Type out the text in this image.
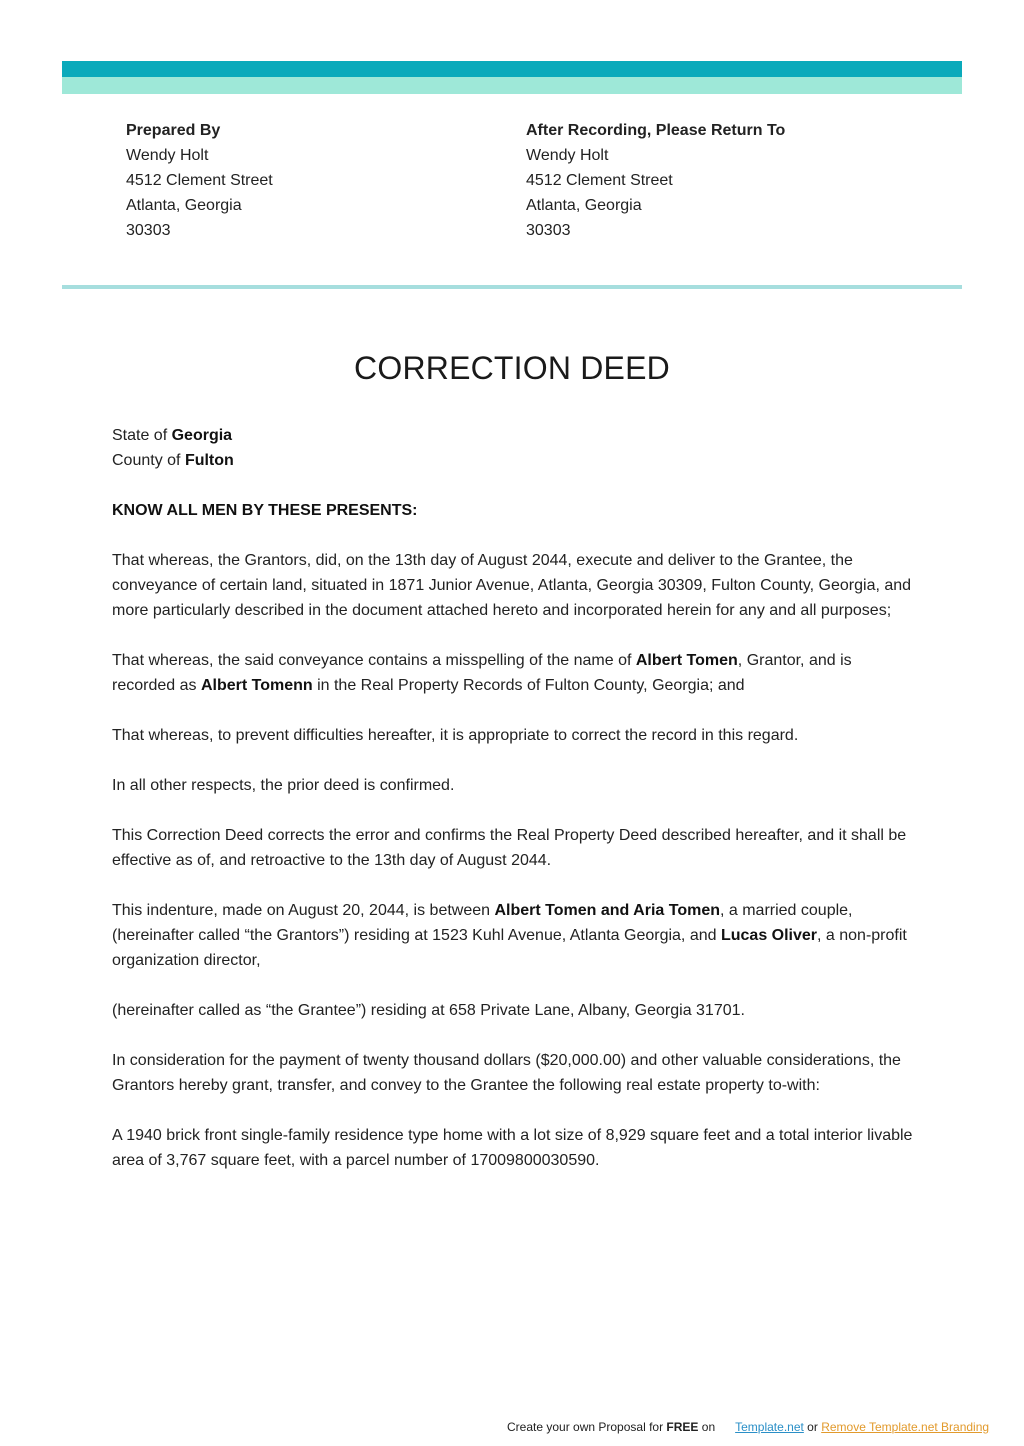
Prepared By
Wendy Holt
4512 Clement Street
Atlanta, Georgia
30303
After Recording, Please Return To
Wendy Holt
4512 Clement Street
Atlanta, Georgia
30303
CORRECTION DEED

State of Georgia
County of Fulton

KNOW ALL MEN BY THESE PRESENTS:

That whereas, the Grantors, did, on the 13th day of August 2044, execute and deliver to the Grantee, the conveyance of certain land, situated in 1871 Junior Avenue, Atlanta, Georgia 30309, Fulton County, Georgia, and more particularly described in the document attached hereto and incorporated herein for any and all purposes;

That whereas, the said conveyance contains a misspelling of the name of Albert Tomen, Grantor, and is recorded as Albert Tomenn in the Real Property Records of Fulton County, Georgia; and

That whereas, to prevent difficulties hereafter, it is appropriate to correct the record in this regard.

In all other respects, the prior deed is confirmed.

This Correction Deed corrects the error and confirms the Real Property Deed described hereafter, and it shall be effective as of, and retroactive to the 13th day of August 2044.

This indenture, made on August 20, 2044, is between Albert Tomen and Aria Tomen, a married couple, (hereinafter called “the Grantors”) residing at 1523 Kuhl Avenue, Atlanta Georgia, and Lucas Oliver, a non-profit organization director,

(hereinafter called as “the Grantee”) residing at 658 Private Lane, Albany, Georgia 31701.

In consideration for the payment of twenty thousand dollars ($20,000.00) and other valuable considerations, the Grantors hereby grant, transfer, and convey to the Grantee the following real estate property to-with:

A 1940 brick front single-family residence type home with a lot size of 8,929 square feet and a total interior livable area of 3,767 square feet, with a parcel number of 17009800030590.

Create your own Proposal for FREE on Template.net or Remove Template.net Branding
